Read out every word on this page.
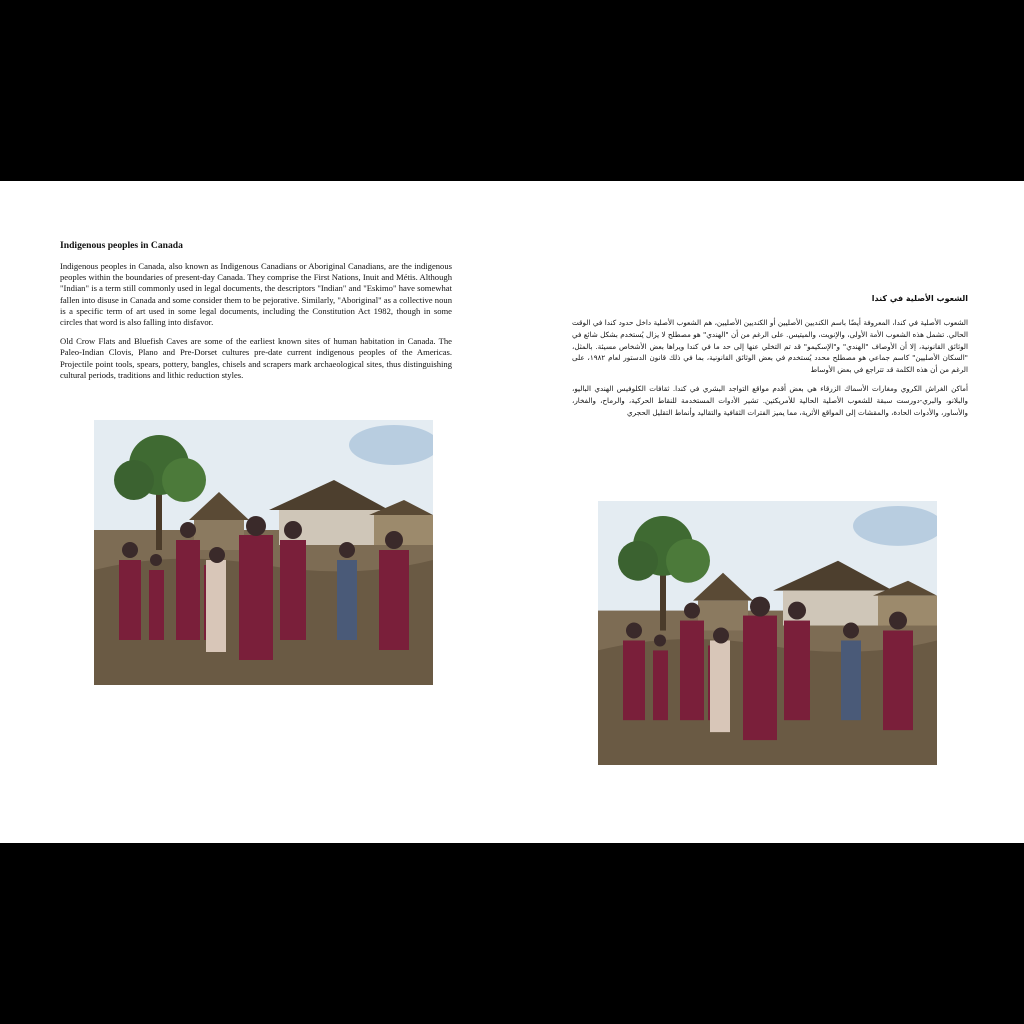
Indigenous peoples in Canada

Indigenous peoples in Canada, also known as Indigenous Canadians or Aboriginal Canadians, are the indigenous peoples within the boundaries of present-day Canada. They comprise the First Nations, Inuit and Métis. Although "Indian" is a term still commonly used in legal documents, the descriptors "Indian" and "Eskimo" have somewhat fallen into disuse in Canada and some consider them to be pejorative. Similarly, "Aboriginal" as a collective noun is a specific term of art used in some legal documents, including the Constitution Act 1982, though in some circles that word is also falling into disfavor.

Old Crow Flats and Bluefish Caves are some of the earliest known sites of human habitation in Canada. The Paleo-Indian Clovis, Plano and Pre-Dorset cultures pre-date current indigenous peoples of the Americas. Projectile point tools, spears, pottery, bangles, chisels and scrapers mark archaeological sites, thus distinguishing cultural periods, traditions and lithic reduction styles.

الشعوب الأصلية في كندا

الشعوب الأصلية في كندا، المعروفة أيضًا باسم الكنديين الأصليين أو الكنديين الأصليين، هم الشعوب الأصلية داخل حدود كندا في الوقت الحالي. تشمل هذه الشعوب الأمة الأولى، والإنويت، والميتيس. على الرغم من أن "الهندي" هو مصطلح لا يزال يُستخدم بشكل شائع في الوثائق القانونية، إلا أن الأوصاف "الهندي" و"الإسكيمو" قد تم التخلي عنها إلى حد ما في كندا ويراها بعض الأشخاص مسيئة. بالمثل، "السكان الأصليين" كاسم جماعي هو مصطلح محدد يُستخدم في بعض الوثائق القانونية، بما في ذلك قانون الدستور لعام ١٩٨٢، على الرغم من أن هذه الكلمة قد تتراجع في بعض الأوساط

أماكن الغراش الكروي ومغارات الأسماك الزرقاء هي بعض أقدم مواقع التواجد البشري في كندا. ثقافات الكلوفيس الهندي الباليو، والبلانو، والبري-دورست سبقة للشعوب الأصلية الحالية للأمريكتين. تشير الأدوات المستخدمة للنقاط الحركية، والرماح، والفخار، والأساور، والأدوات الحادة، والمقشات إلى المواقع الأثرية، مما يميز الفترات الثقافية والتقاليد وأنماط التقليل الحجري
